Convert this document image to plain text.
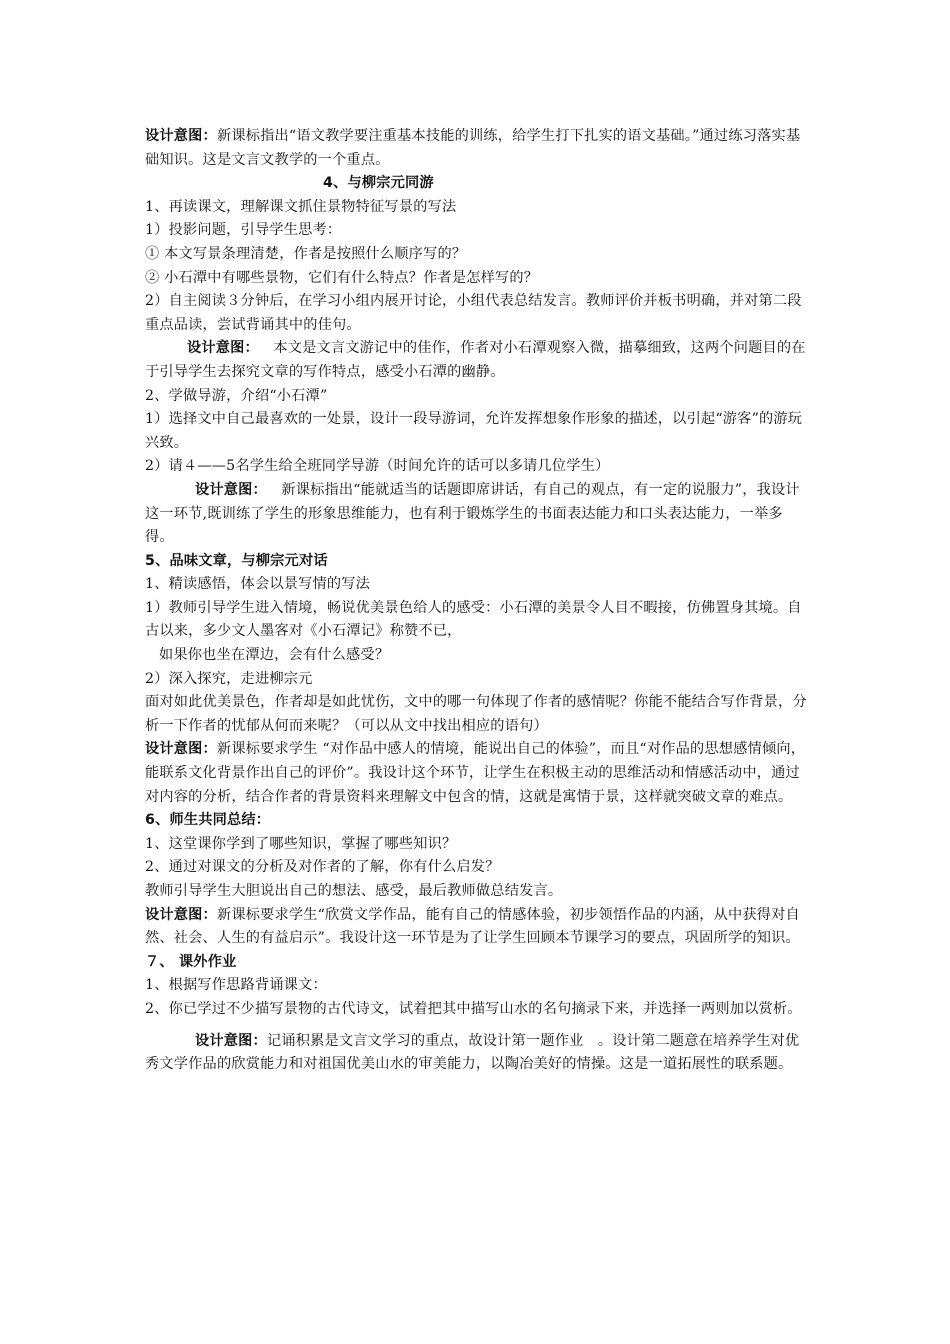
设计意图：新课标指出“语文教学要注重基本技能的训练，给学生打下扎实的语文基础。”通过练习落实基础知识。这是文言文教学的一个重点。

4、与柳宗元同游

1、再读课文，理解课文抓住景物特征写景的写法

1）投影问题，引导学生思考：

① 本文写景条理清楚，作者是按照什么顺序写的？

② 小石潭中有哪些景物，它们有什么特点？作者是怎样写的？

2）自主阅读３分钟后，在学习小组内展开讨论，小组代表总结发言。教师评价并板书明确，并对第二段重点品读，尝试背诵其中的佳句。

设计意图：　 本文是文言文游记中的佳作，作者对小石潭观察入微，描摹细致，这两个问题目的在于引导学生去探究文章的写作特点，感受小石潭的幽静。

2、学做导游，介绍“小石潭”

1）选择文中自己最喜欢的一处景，设计一段导游词，允许发挥想象作形象的描述，以引起“游客”的游玩兴致。

2）请４——5名学生给全班同学导游（时间允许的话可以多请几位学生）

设计意图：　 新课标指出“能就适当的话题即席讲话，有自己的观点，有一定的说服力”，我设计这一环节,既训练了学生的形象思维能力，也有利于锻炼学生的书面表达能力和口头表达能力，一举多得。

5、品味文章，与柳宗元对话

1、精读感悟，体会以景写情的写法

1）教师引导学生进入情境，畅说优美景色给人的感受：小石潭的美景令人目不暇接，仿佛置身其境。自古以来，多少文人墨客对《小石潭记》称赞不已，

如果你也坐在潭边，会有什么感受？

2）深入探究，走进柳宗元

面对如此优美景色，作者却是如此忧伤，文中的哪一句体现了作者的感情呢？你能不能结合写作背景，分析一下作者的忧郁从何而来呢？（可以从文中找出相应的语句）

设计意图：新课标要求学生 “对作品中感人的情境，能说出自己的体验”，而且“对作品的思想感情倾向，能联系文化背景作出自己的评价”。我设计这个环节，让学生在积极主动的思维活动和情感活动中，通过对内容的分析，结合作者的背景资料来理解文中包含的情，这就是寓情于景，这样就突破文章的难点。

6、师生共同总结：

1、这堂课你学到了哪些知识，掌握了哪些知识？

2、通过对课文的分析及对作者的了解，你有什么启发？

教师引导学生大胆说出自己的想法、感受，最后教师做总结发言。

设计意图：新课标要求学生“欣赏文学作品，能有自己的情感体验，初步领悟作品的内涵，从中获得对自然、社会、人生的有益启示”。我设计这一环节是为了让学生回顾本节课学习的要点，巩固所学的知识。

７、 课外作业

1、根据写作思路背诵课文：

2、你已学过不少描写景物的古代诗文，试着把其中描写山水的名句摘录下来，并选择一两则加以赏析。

设计意图：记诵积累是文言文学习的重点，故设计第一题作业　。设计第二题意在培养学生对优秀文学作品的欣赏能力和对祖国优美山水的审美能力，以陶冶美好的情操。这是一道拓展性的联系题。
